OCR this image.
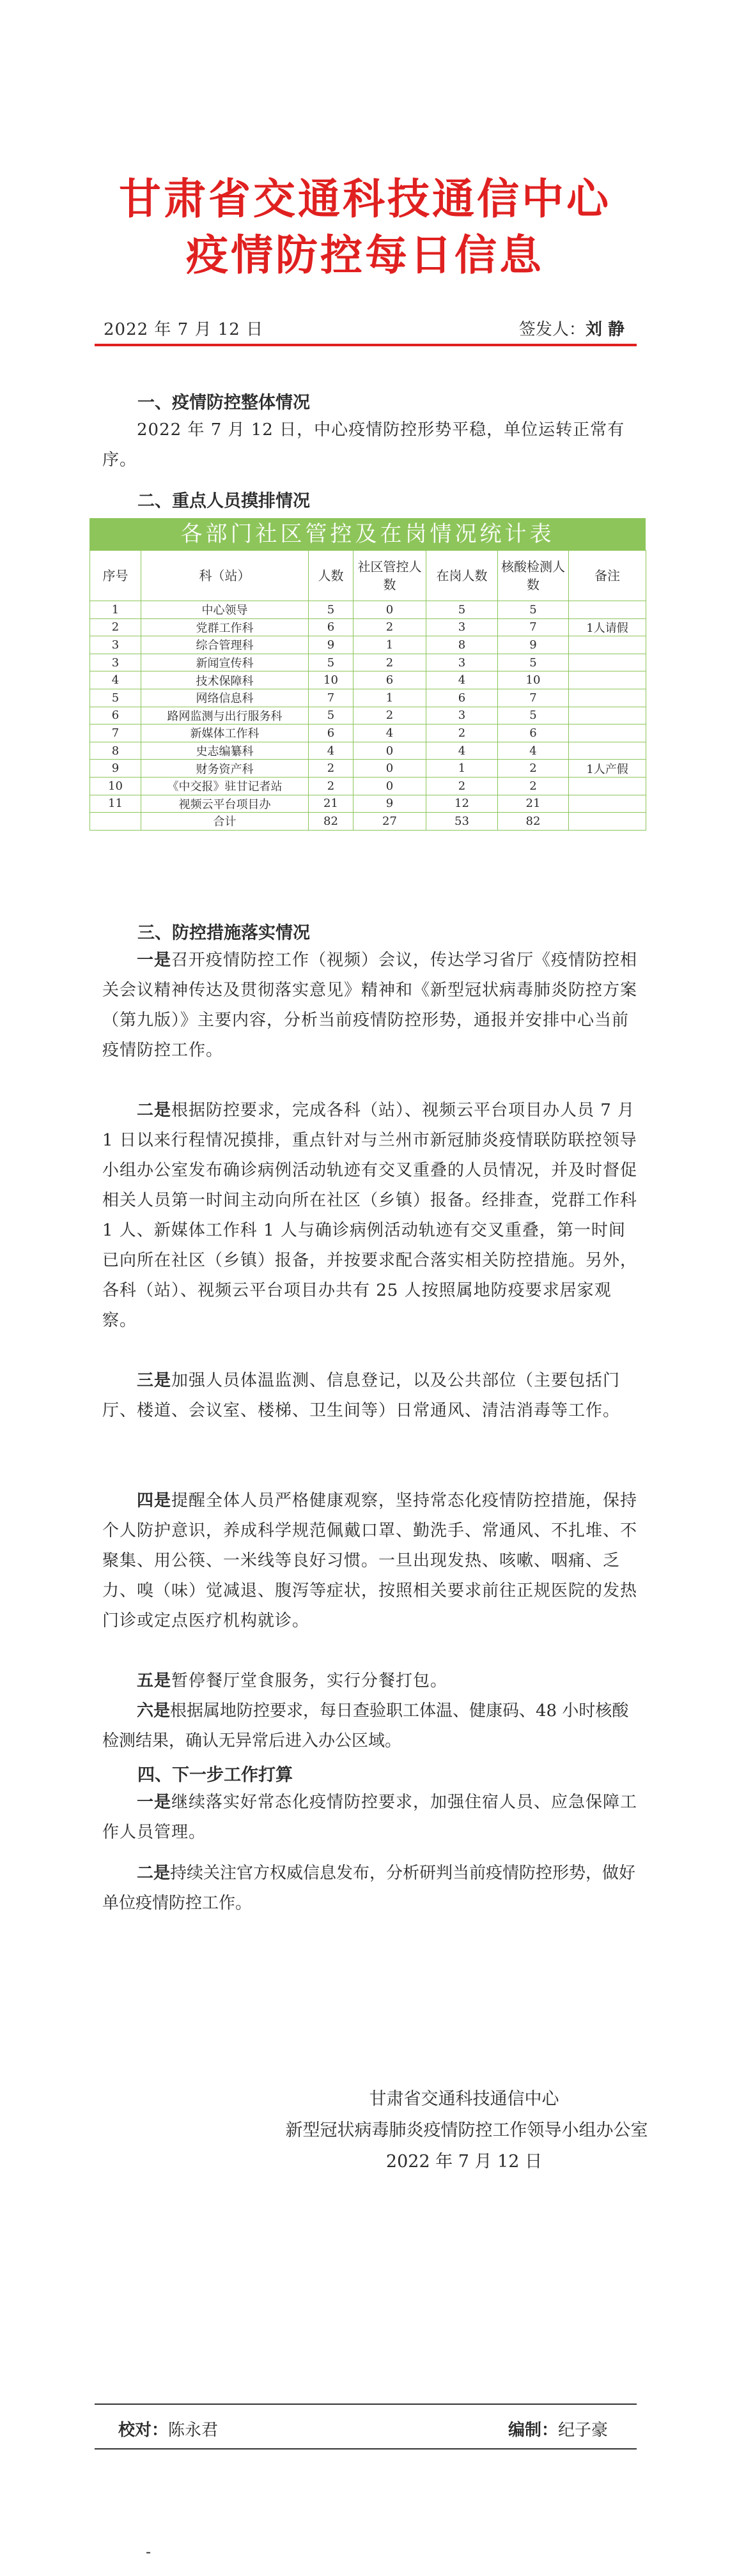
甘肃省交通科技通信中心
疫情防控每日信息
2022 年 7 月 12 日	签发人：刘 静
一、疫情防控整体情况

2022 年 7 月 12 日，中心疫情防控形势平稳，单位运转正常有序。

二、重点人员摸排情况
各部门社区管控及在岗情况统计表
序号	科（站）	人数	社区管控人数	在岗人数	核酸检测人数	备注
1	中心领导	5	0	5	5	
2	党群工作科	6	2	3	7	1人请假
3	综合管理科	9	1	8	9	
3	新闻宣传科	5	2	3	5	
4	技术保障科	10	6	4	10	
5	网络信息科	7	1	6	7	
6	路网监测与出行服务科	5	2	3	5	
7	新媒体工作科	6	4	2	6	
8	史志编纂科	4	0	4	4	
9	财务资产科	2	0	1	2	1人产假
10	《中交报》驻甘记者站	2	0	2	2	
11	视频云平台项目办	21	9	12	21	
	合计	82	27	53	82	
三、防控措施落实情况

一是召开疫情防控工作（视频）会议，传达学习省厅《疫情防控相关会议精神传达及贯彻落实意见》精神和《新型冠状病毒肺炎防控方案（第九版）》主要内容，分析当前疫情防控形势，通报并安排中心当前疫情防控工作。

二是根据防控要求，完成各科（站）、视频云平台项目办人员 7 月 1 日以来行程情况摸排，重点针对与兰州市新冠肺炎疫情联防联控领导小组办公室发布确诊病例活动轨迹有交叉重叠的人员情况，并及时督促相关人员第一时间主动向所在社区（乡镇）报备。经排查，党群工作科 1 人、新媒体工作科 1 人与确诊病例活动轨迹有交叉重叠，第一时间已向所在社区（乡镇）报备，并按要求配合落实相关防控措施。另外，各科（站）、视频云平台项目办共有 25 人按照属地防疫要求居家观察。

三是加强人员体温监测、信息登记，以及公共部位（主要包括门厅、楼道、会议室、楼梯、卫生间等）日常通风、清洁消毒等工作。

四是提醒全体人员严格健康观察，坚持常态化疫情防控措施，保持个人防护意识，养成科学规范佩戴口罩、勤洗手、常通风、不扎堆、不聚集、用公筷、一米线等良好习惯。一旦出现发热、咳嗽、咽痛、乏力、嗅（味）觉减退、腹泻等症状，按照相关要求前往正规医院的发热门诊或定点医疗机构就诊。

五是暂停餐厅堂食服务，实行分餐打包。

六是根据属地防控要求，每日查验职工体温、健康码、48 小时核酸检测结果，确认无异常后进入办公区域。

四、下一步工作打算

一是继续落实好常态化疫情防控要求，加强住宿人员、应急保障工作人员管理。

二是持续关注官方权威信息发布，分析研判当前疫情防控形势，做好单位疫情防控工作。

甘肃省交通科技通信中心
新型冠状病毒肺炎疫情防控工作领导小组办公室
2022 年 7 月 12 日
校对：陈永君	编制：纪子豪
-
